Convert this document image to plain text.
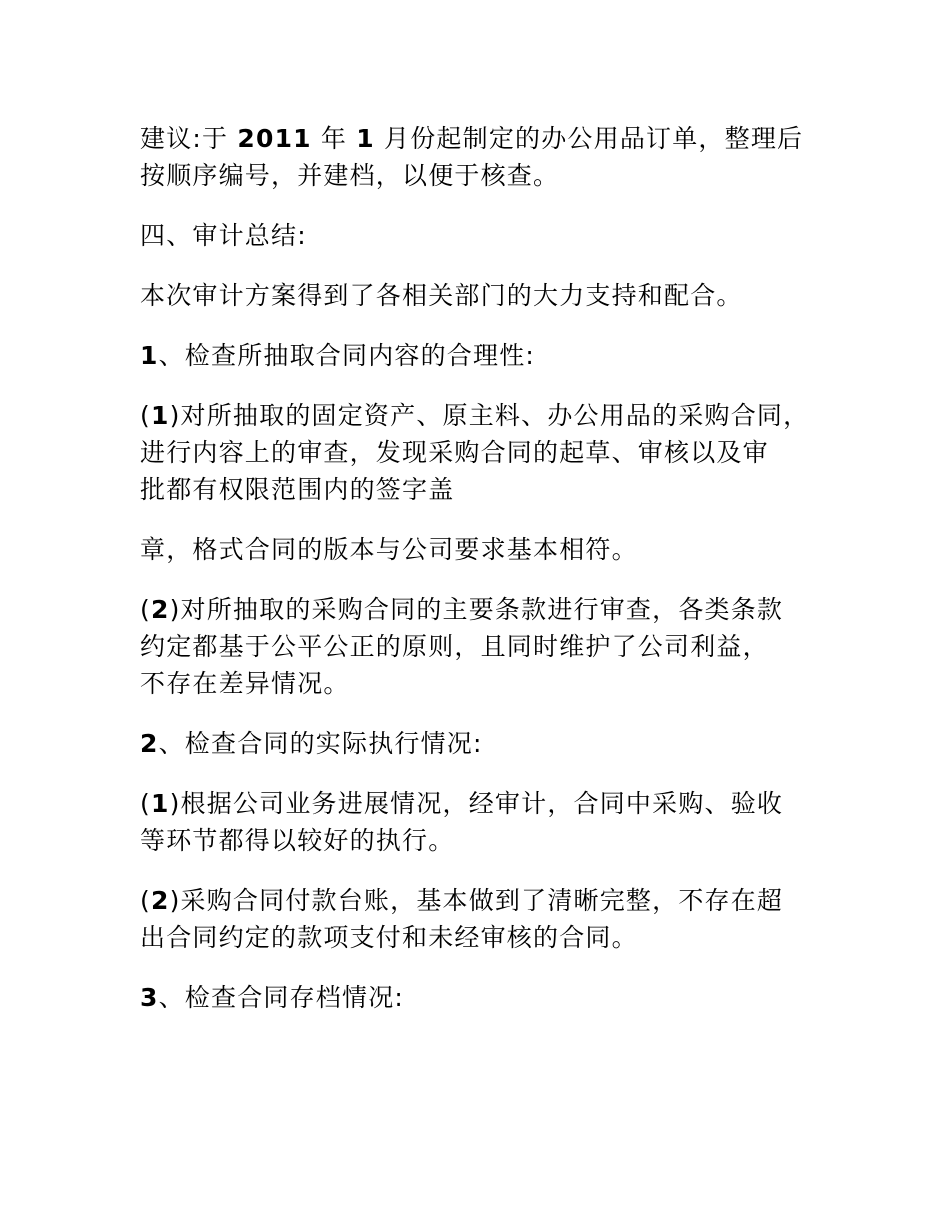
建议:于 2011 年 1 月份起制定的办公用品订单，整理后
按顺序编号，并建档，以便于核查。

四、审计总结:

本次审计方案得到了各相关部门的大力支持和配合。

1、检查所抽取合同内容的合理性:

(1)对所抽取的固定资产、原主料、办公用品的采购合同，
进行内容上的审查，发现采购合同的起草、审核以及审
批都有权限范围内的签字盖

章，格式合同的版本与公司要求基本相符。

(2)对所抽取的采购合同的主要条款进行审查，各类条款
约定都基于公平公正的原则，且同时维护了公司利益，
不存在差异情况。

2、检查合同的实际执行情况:

(1)根据公司业务进展情况，经审计，合同中采购、验收
等环节都得以较好的执行。

(2)采购合同付款台账，基本做到了清晰完整，不存在超
出合同约定的款项支付和未经审核的合同。

3、检查合同存档情况:
